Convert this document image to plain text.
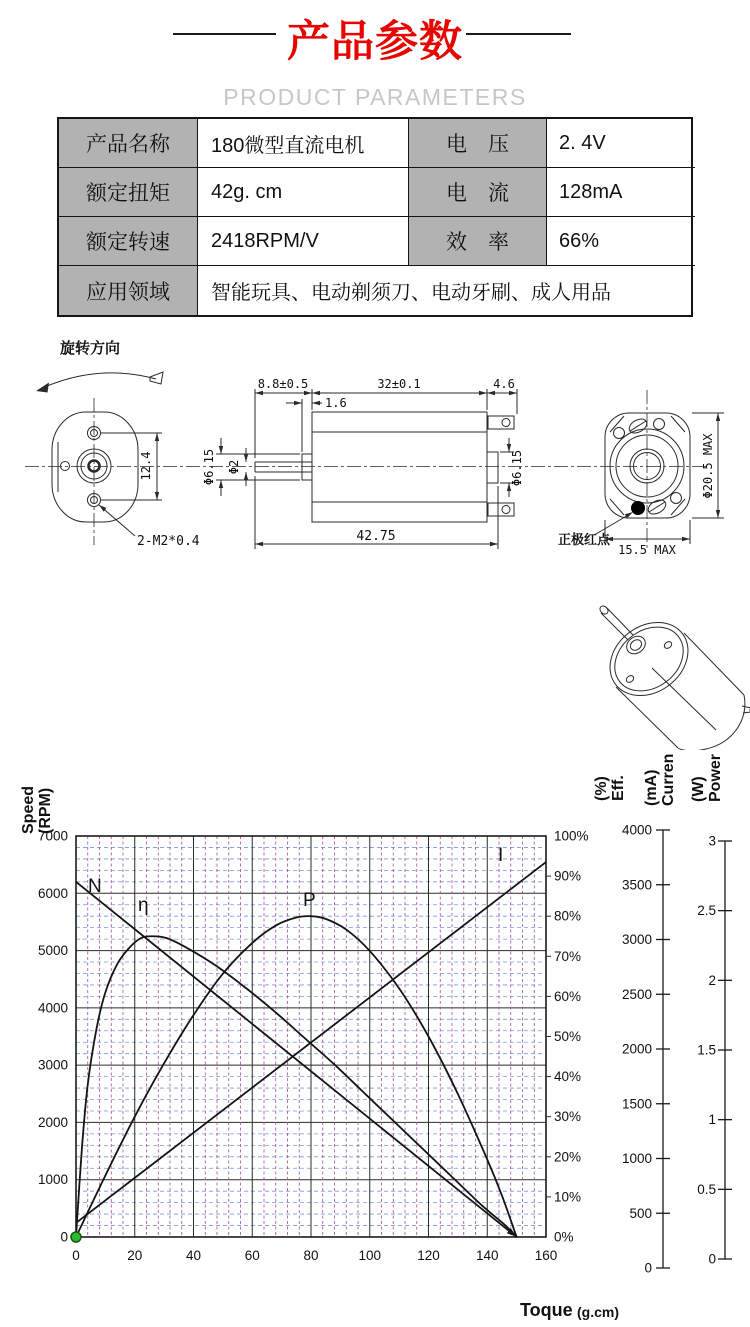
产品参数
PRODUCT PARAMETERS
产品名称	180微型直流电机	电　压	2. 4V
额定扭矩	42g. cm	电　流	128mA
额定转速	2418RPM/V	效　率	66%
应用领域	智能玩具、电动剃须刀、电动牙刷、成人用品
旋转方向
12.4
2-M2*0.4
8.8±0.5	32±0.1	4.6
1.6
Φ6.15 Φ2	Φ6.15
42.75
Φ20.5 MAX
15.5 MAX
正极红点
0
1000
2000
3000
4000
5000
6000
7000
0%
10%
20%
30%
40%
50%
60%
70%
80%
90%
100%
0	20	40	60	80	100	120	140	160
0
500
1000
1500
2000
2500
3000
3500
4000
0
0.5
1
1.5
2
2.5
3
N
η	P
I
Speed(RPM)	(%)Eff. (mA)Curren (W)Power
Toque (g.cm)
